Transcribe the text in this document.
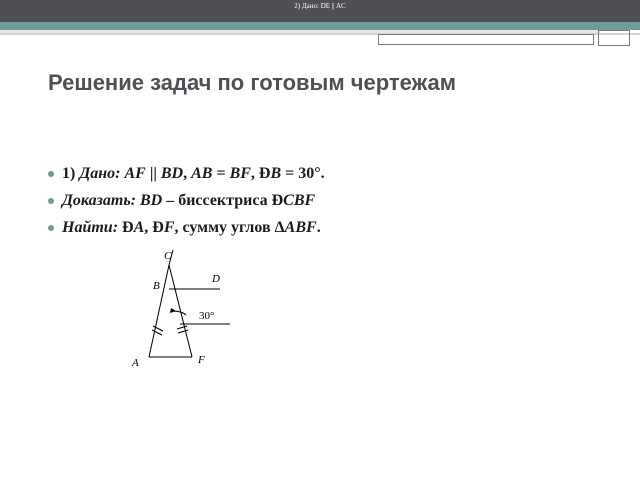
2) Дано: DE || AC
Решение задач по готовым чертежам
1) Дано: AF || BD, AB = BF, ÐB = 30°.
Доказать: BD – биссектриса ÐCBF
Найти: ÐA, ÐF, сумму углов ΔABF.
C
D
B
30°
A	F
